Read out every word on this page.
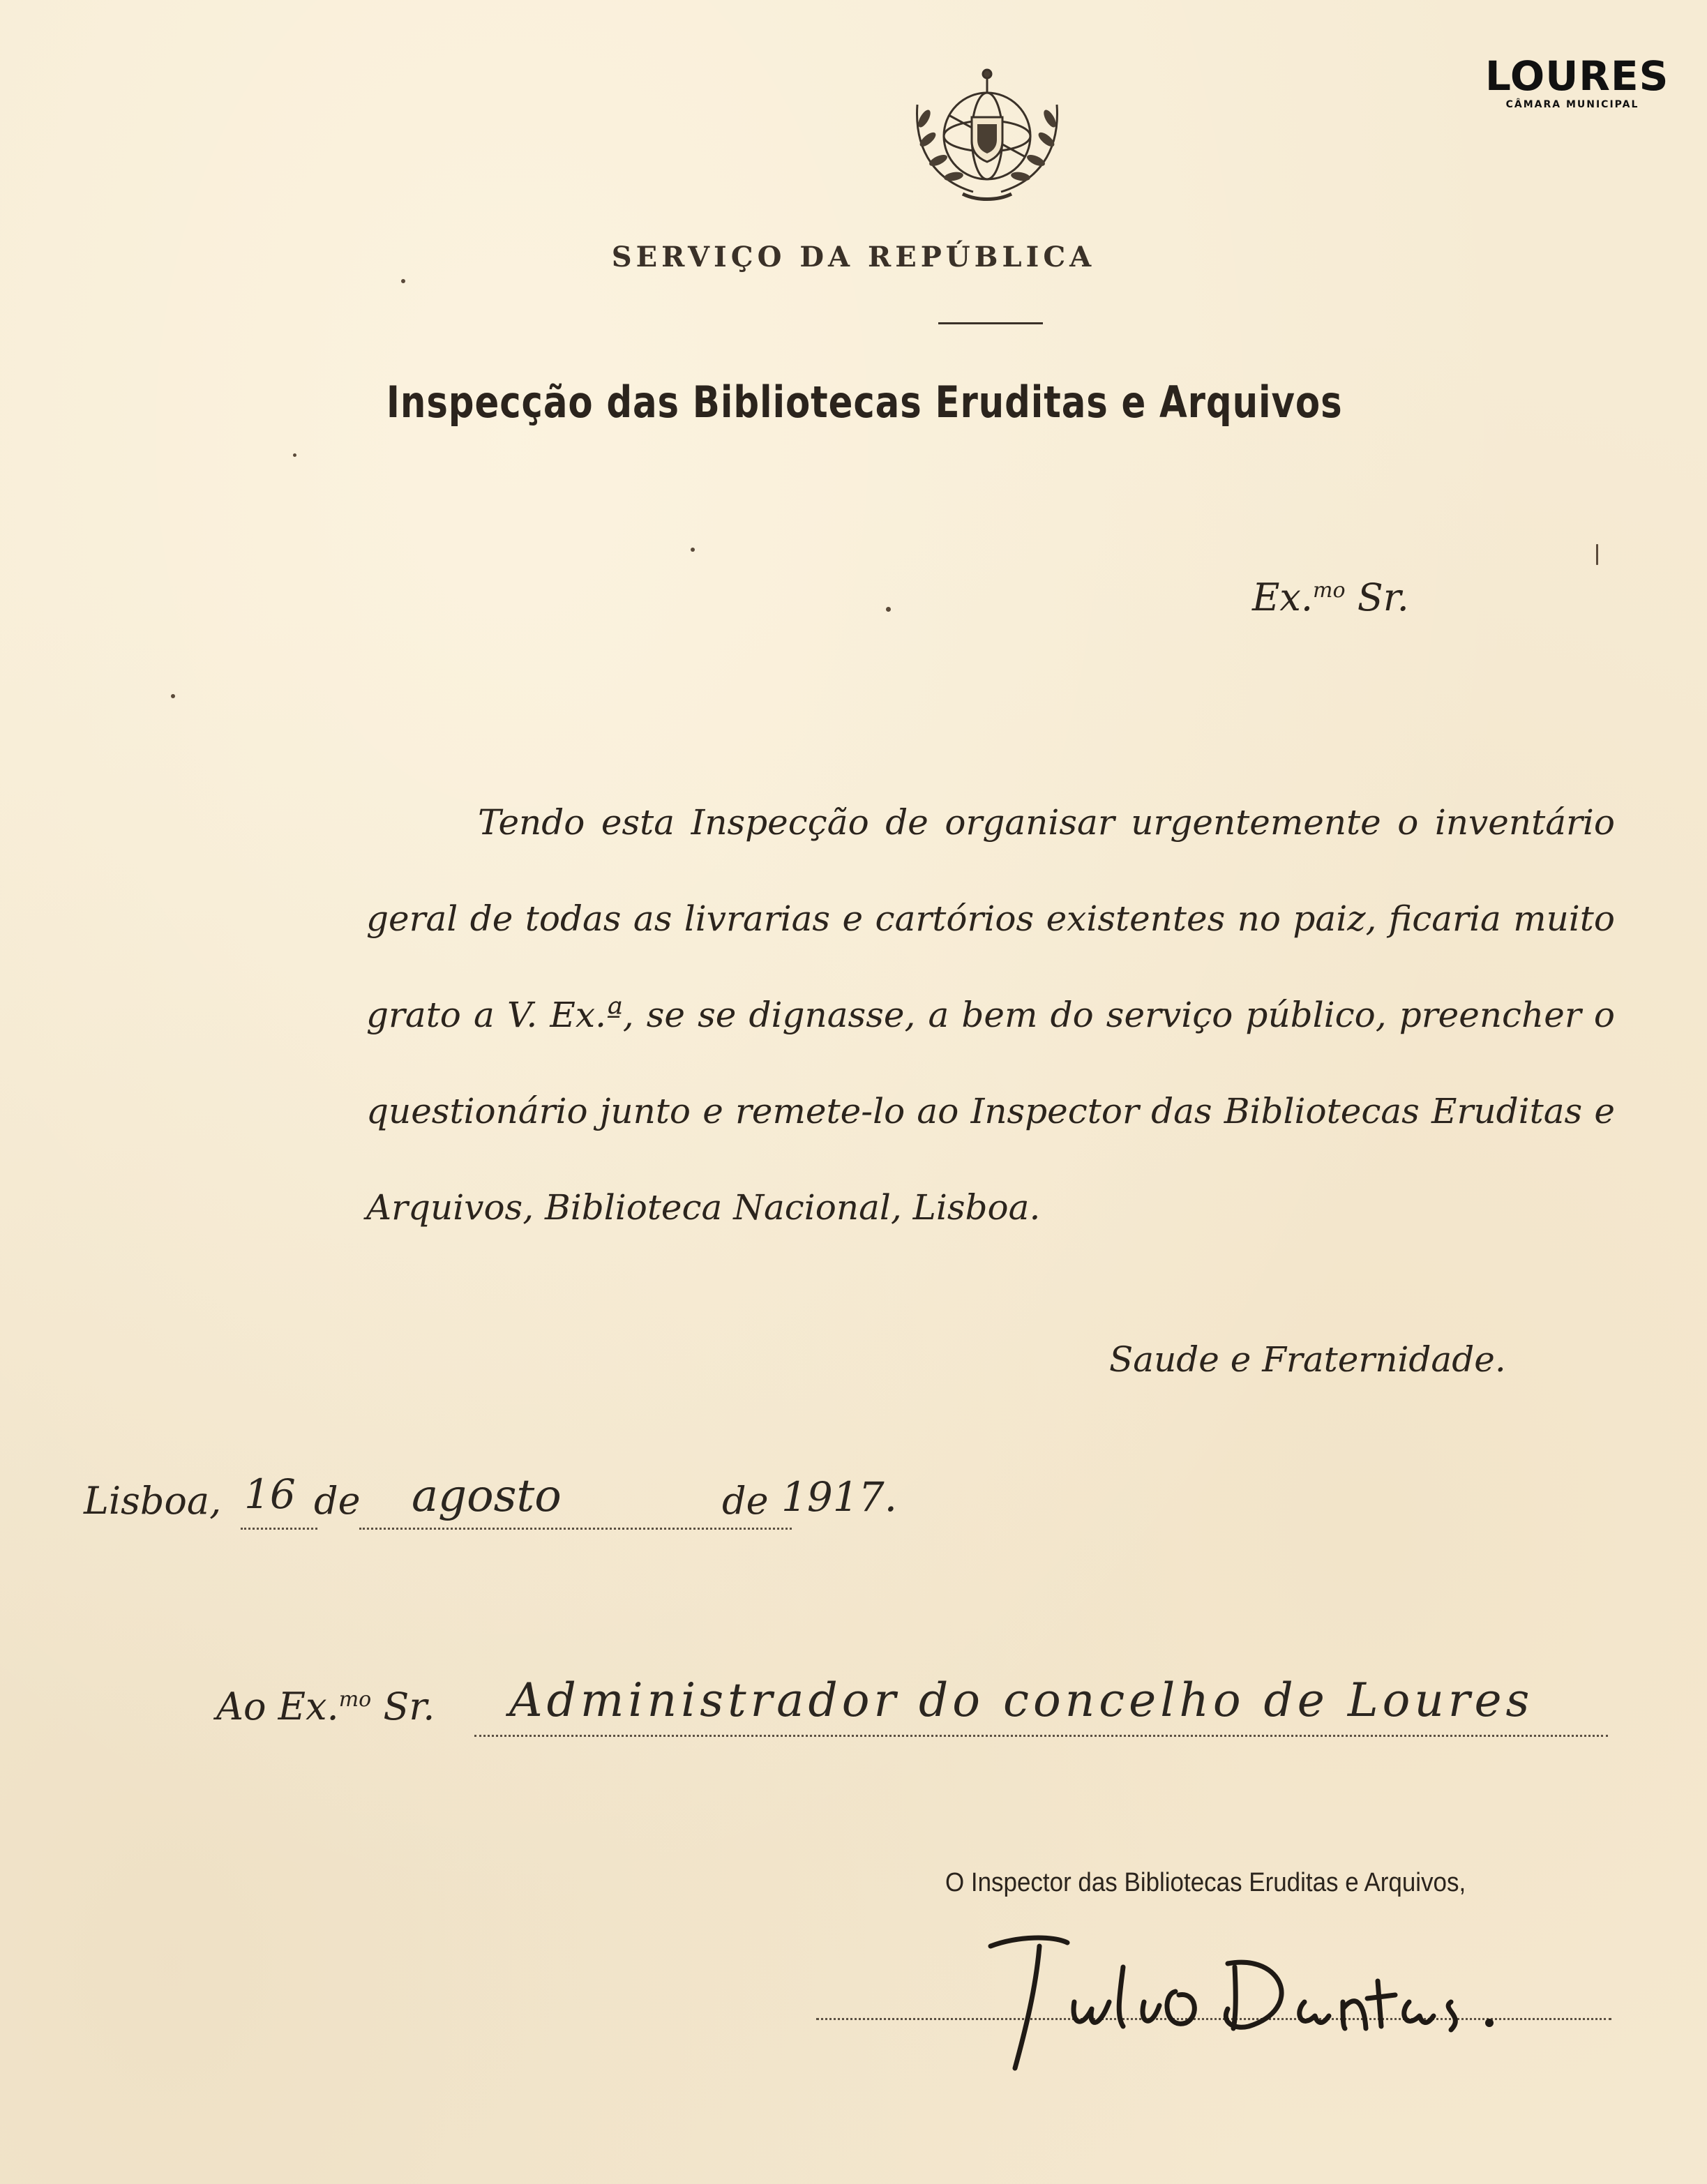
LOURES
CÂMARA MUNICIPAL
SERVIÇO DA REPÚBLICA
Inspecção das Bibliotecas Eruditas e Arquivos
Ex.$^{mo}$ Sr.
Tendo esta Inspecção de organisar urgentemente o inventário geral de todas as livrarias e cartórios existentes no paiz, ficaria muito grato a V. Ex.ª, se se dignasse, a bem do serviço público, preencher o questionário junto e remete-lo ao Inspector das Bibliotecas Eruditas e Arquivos, Biblioteca Nacional, Lisboa.
Saude e Fraternidade.
Lisboa, 16 de agosto	de 1917.
Ao Ex.$^{mo}$ Sr. Administrador do concelho de Loures
O Inspector das Bibliotecas Eruditas e Arquivos,
